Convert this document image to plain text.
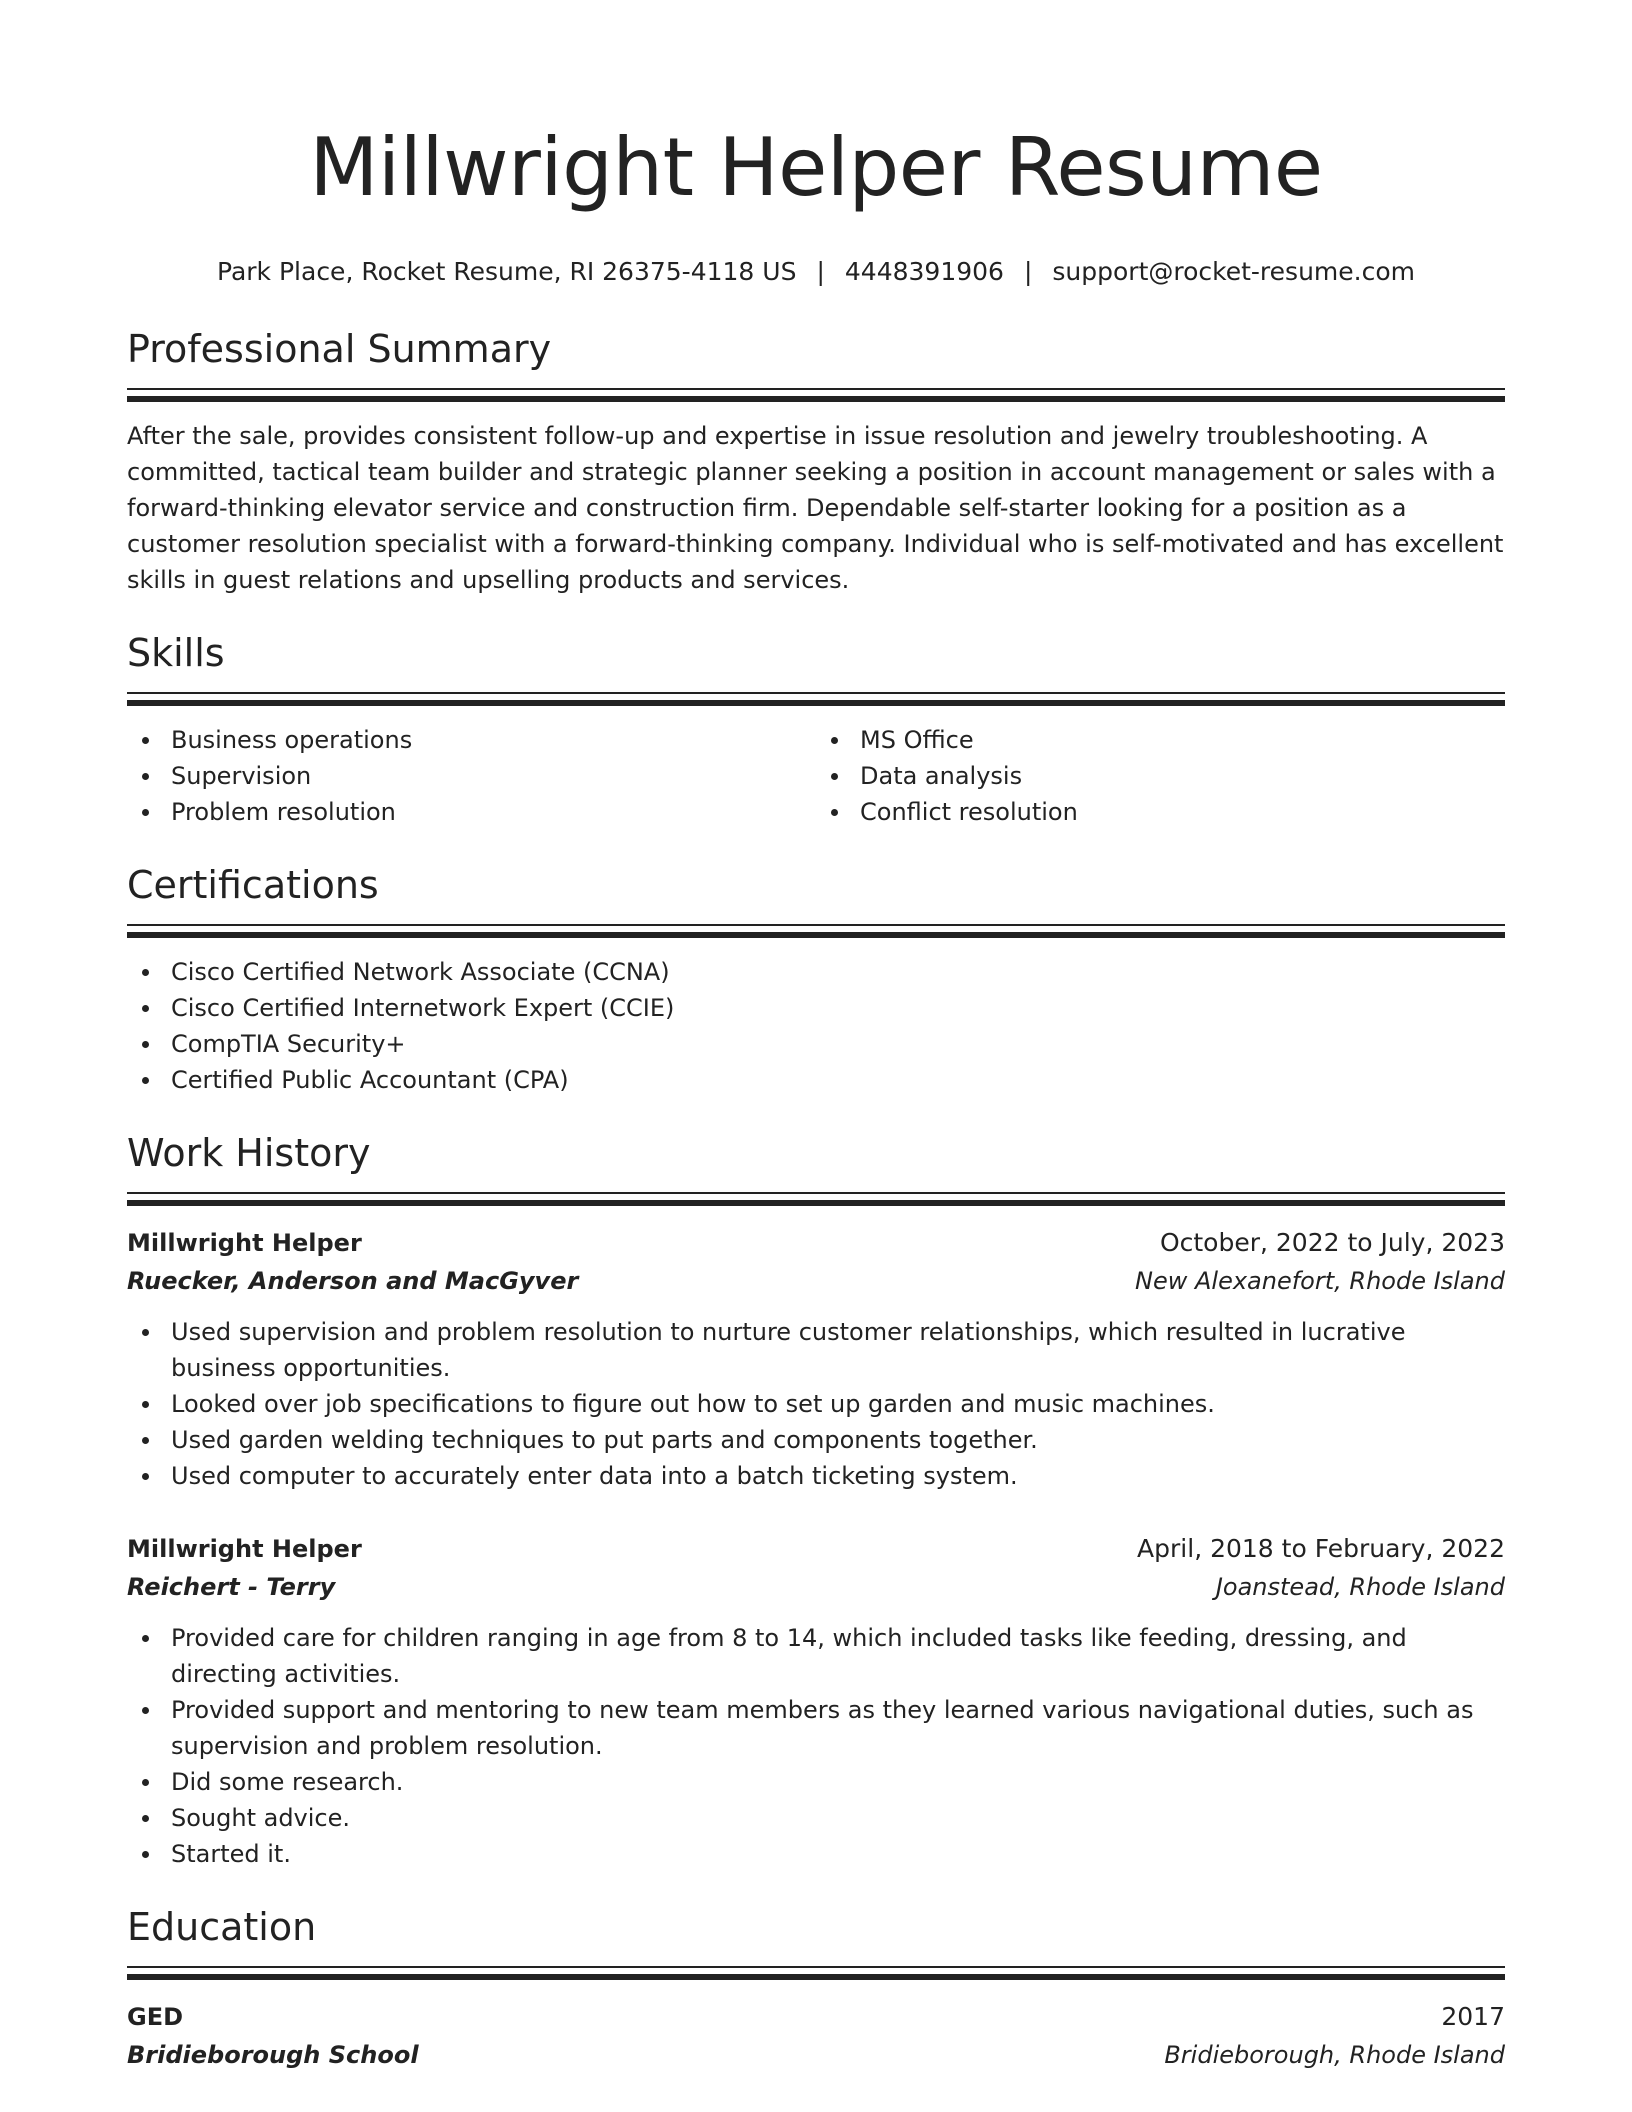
Millwright Helper Resume
Park Place, Rocket Resume, RI 26375-4118 US | 4448391906 | support@rocket-resume.com
Professional Summary

After the sale, provides consistent follow-up and expertise in issue resolution and jewelry troubleshooting. A committed, tactical team builder and strategic planner seeking a position in account management or sales with a forward-thinking elevator service and construction firm. Dependable self-starter looking for a position as a customer resolution specialist with a forward-thinking company. Individual who is self-motivated and has excellent skills in guest relations and upselling products and services.

Skills
Business operations
Supervision
Problem resolution
MS Office
Data analysis
Conflict resolution
Certifications
Cisco Certified Network Associate (CCNA)
Cisco Certified Internetwork Expert (CCIE)
CompTIA Security+
Certified Public Accountant (CPA)
Work History
Millwright Helper	October, 2022 to July, 2023
Ruecker, Anderson and MacGyver	New Alexanefort, Rhode Island
Used supervision and problem resolution to nurture customer relationships, which resulted in lucrative business opportunities.
Looked over job specifications to figure out how to set up garden and music machines.
Used garden welding techniques to put parts and components together.
Used computer to accurately enter data into a batch ticketing system.
Millwright Helper	April, 2018 to February, 2022
Reichert - Terry	Joanstead, Rhode Island
Provided care for children ranging in age from 8 to 14, which included tasks like feeding, dressing, and directing activities.
Provided support and mentoring to new team members as they learned various navigational duties, such as supervision and problem resolution.
Did some research.
Sought advice.
Started it.
Education
GED	2017
Bridieborough School	Bridieborough, Rhode Island
